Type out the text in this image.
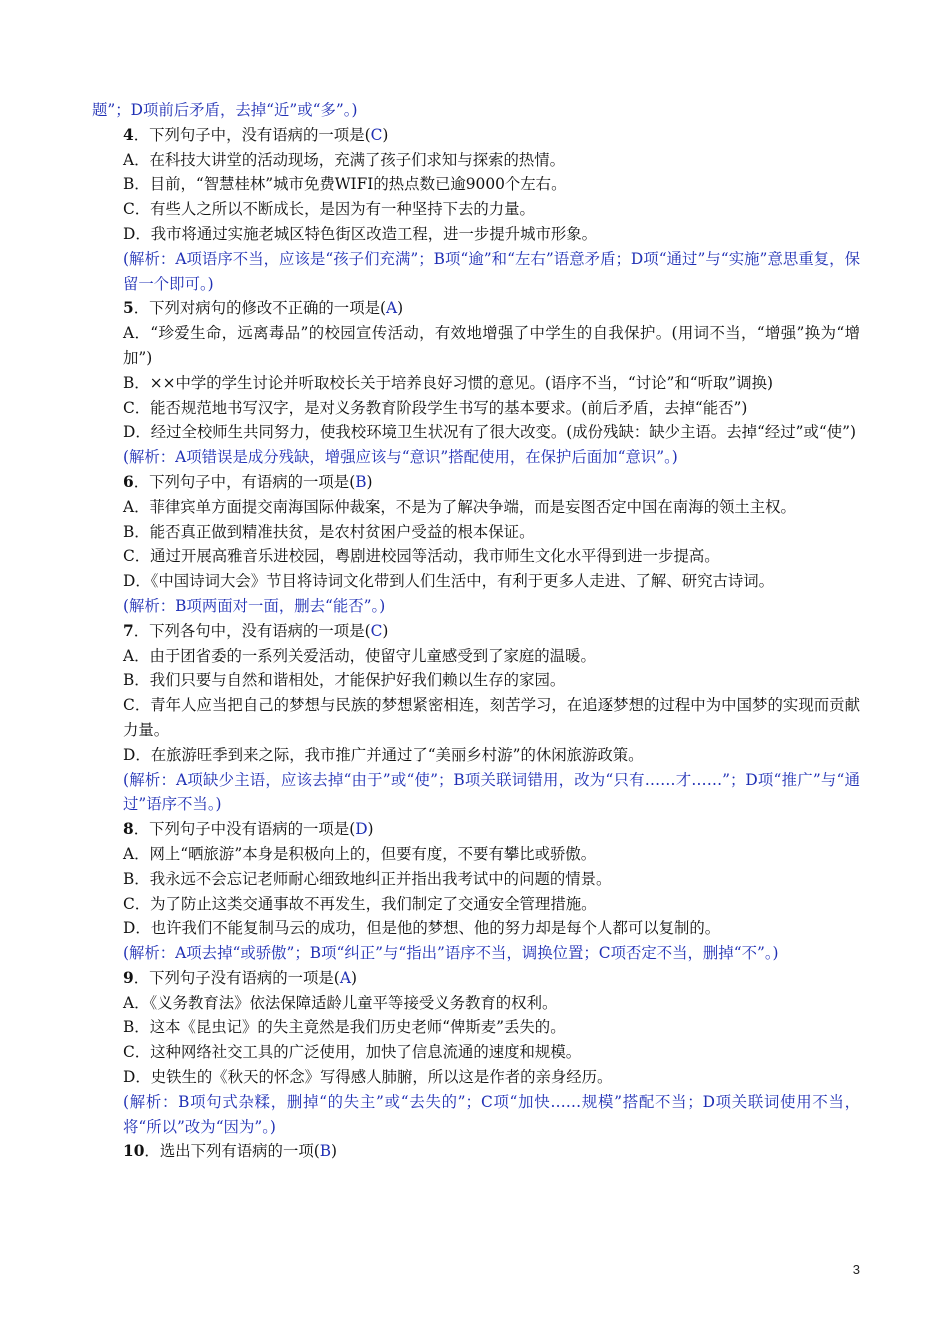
题”；D项前后矛盾，去掉“近”或“多”。)
4．下列句子中，没有语病的一项是(C)
A．在科技大讲堂的活动现场，充满了孩子们求知与探索的热情。
B．目前，“智慧桂林”城市免费WIFI的热点数已逾9000个左右。
C．有些人之所以不断成长，是因为有一种坚持下去的力量。
D．我市将通过实施老城区特色街区改造工程，进一步提升城市形象。
(解析：A项语序不当，应该是“孩子们充满”；B项“逾”和“左右”语意矛盾；D项“通过”与“实施”意思重复，保留一个即可。)
5．下列对病句的修改不正确的一项是(A)
A．“珍爱生命，远离毒品”的校园宣传活动，有效地增强了中学生的自我保护。(用词不当，“增强”换为“增加”)
B．××中学的学生讨论并听取校长关于培养良好习惯的意见。(语序不当，“讨论”和“听取”调换)
C．能否规范地书写汉字，是对义务教育阶段学生书写的基本要求。(前后矛盾，去掉“能否”)
D．经过全校师生共同努力，使我校环境卫生状况有了很大改变。(成份残缺：缺少主语。去掉“经过”或“使”)
(解析：A项错误是成分残缺，增强应该与“意识”搭配使用，在保护后面加“意识”。)
6．下列句子中，有语病的一项是(B)
A．菲律宾单方面提交南海国际仲裁案，不是为了解决争端，而是妄图否定中国在南海的领土主权。
B．能否真正做到精准扶贫，是农村贫困户受益的根本保证。
C．通过开展高雅音乐进校园，粤剧进校园等活动，我市师生文化水平得到进一步提高。
D．《中国诗词大会》节目将诗词文化带到人们生活中，有利于更多人走进、了解、研究古诗词。
(解析：B项两面对一面，删去“能否”。)
7．下列各句中，没有语病的一项是(C)
A．由于团省委的一系列关爱活动，使留守儿童感受到了家庭的温暖。
B．我们只要与自然和谐相处，才能保护好我们赖以生存的家园。
C．青年人应当把自己的梦想与民族的梦想紧密相连，刻苦学习，在追逐梦想的过程中为中国梦的实现而贡献力量。
D．在旅游旺季到来之际，我市推广并通过了“美丽乡村游”的休闲旅游政策。
(解析：A项缺少主语，应该去掉“由于”或“使”；B项关联词错用，改为“只有……才……”；D项“推广”与“通过”语序不当。)
8．下列句子中没有语病的一项是(D)
A．网上“晒旅游”本身是积极向上的，但要有度，不要有攀比或骄傲。
B．我永远不会忘记老师耐心细致地纠正并指出我考试中的问题的情景。
C．为了防止这类交通事故不再发生，我们制定了交通安全管理措施。
D．也许我们不能复制马云的成功，但是他的梦想、他的努力却是每个人都可以复制的。
(解析：A项去掉“或骄傲”；B项“纠正”与“指出”语序不当，调换位置；C项否定不当，删掉“不”。)
9．下列句子没有语病的一项是(A)
A．《义务教育法》依法保障适龄儿童平等接受义务教育的权利。
B．这本《昆虫记》的失主竟然是我们历史老师“俾斯麦”丢失的。
C．这种网络社交工具的广泛使用，加快了信息流通的速度和规模。
D．史铁生的《秋天的怀念》写得感人肺腑，所以这是作者的亲身经历。
(解析：B项句式杂糅，删掉“的失主”或“去失的”；C项“加快……规模”搭配不当；D项关联词使用不当，将“所以”改为“因为”。)
10．选出下列有语病的一项(B)
3
